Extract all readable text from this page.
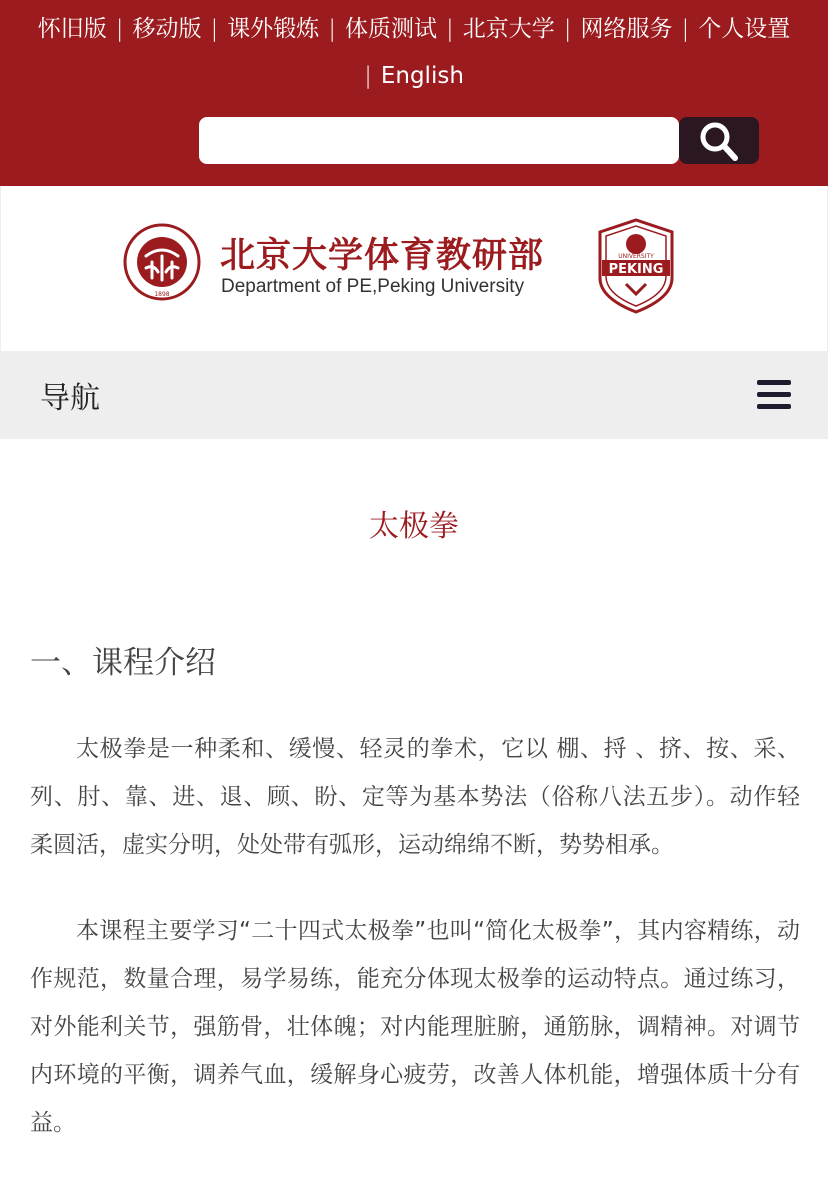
怀旧版 | 移动版 | 课外锻炼 | 体质测试 | 北京大学 | 网络服务 | 个人设置
| English
1898
北京大学体育教研部
Department of PE,Peking University
PEKING
UNIVERSITY
导航
太极拳
一、课程介绍

太极拳是一种柔和、缓慢、轻灵的拳术，它以 棚、捋 、挤、按、采、列、肘、靠、进、退、顾、盼、定等为基本势法（俗称八法五步）。动作轻柔圆活，虚实分明，处处带有弧形，运动绵绵不断，势势相承。

本课程主要学习“二十四式太极拳”也叫“简化太极拳”，其内容精练，动作规范，数量合理，易学易练，能充分体现太极拳的运动特点。通过练习，对外能利关节，强筋骨，壮体魄；对内能理脏腑，通筋脉，调精神。对调节内环境的平衡，调养气血，缓解身心疲劳，改善人体机能，增强体质十分有益。
